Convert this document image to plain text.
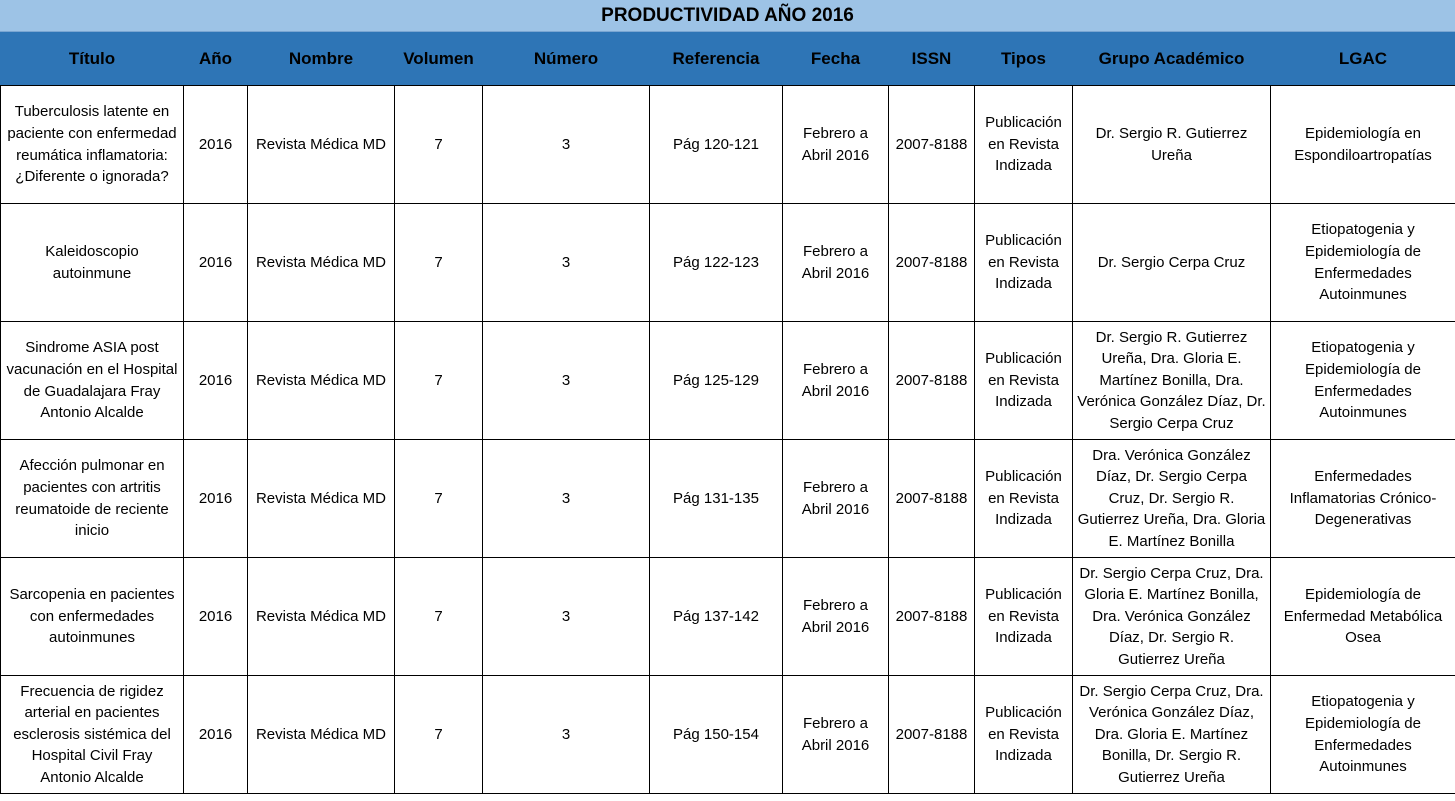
PRODUCTIVIDAD AÑO 2016
Título	Año	Nombre	Volumen	Número	Referencia	Fecha	ISSN	Tipos	Grupo Académico	LGAC
Tuberculosis latente en paciente con enfermedad reumática inflamatoria: ¿Diferente o ignorada?	2016	Revista Médica MD	7	3	Pág 120-121	Febrero a Abril 2016	2007-8188	Publicación en Revista Indizada	Dr. Sergio R. Gutierrez Ureña	Epidemiología en Espondiloartropatías
Kaleidoscopio autoinmune	2016	Revista Médica MD	7	3	Pág 122-123	Febrero a Abril 2016	2007-8188	Publicación en Revista Indizada	Dr. Sergio Cerpa Cruz	Etiopatogenia y Epidemiología de Enfermedades Autoinmunes
Sindrome ASIA post vacunación en el Hospital de Guadalajara Fray Antonio Alcalde	2016	Revista Médica MD	7	3	Pág 125-129	Febrero a Abril 2016	2007-8188	Publicación en Revista Indizada	Dr. Sergio R. Gutierrez Ureña, Dra. Gloria E. Martínez Bonilla, Dra. Verónica González Díaz, Dr. Sergio Cerpa Cruz	Etiopatogenia y Epidemiología de Enfermedades Autoinmunes
Afección pulmonar en pacientes con artritis reumatoide de reciente inicio	2016	Revista Médica MD	7	3	Pág 131-135	Febrero a Abril 2016	2007-8188	Publicación en Revista Indizada	Dra. Verónica González Díaz, Dr. Sergio Cerpa Cruz, Dr. Sergio R. Gutierrez Ureña, Dra. Gloria E. Martínez Bonilla	Enfermedades Inflamatorias Crónico-Degenerativas
Sarcopenia en pacientes con enfermedades autoinmunes	2016	Revista Médica MD	7	3	Pág 137-142	Febrero a Abril 2016	2007-8188	Publicación en Revista Indizada	Dr. Sergio Cerpa Cruz, Dra. Gloria E. Martínez Bonilla, Dra. Verónica González Díaz, Dr. Sergio R. Gutierrez Ureña	Epidemiología de Enfermedad Metabólica Osea
Frecuencia de rigidez arterial en pacientes esclerosis sistémica del Hospital Civil Fray Antonio Alcalde	2016	Revista Médica MD	7	3	Pág 150-154	Febrero a Abril 2016	2007-8188	Publicación en Revista Indizada	Dr. Sergio Cerpa Cruz, Dra. Verónica González Díaz, Dra. Gloria E. Martínez Bonilla, Dr. Sergio R. Gutierrez Ureña	Etiopatogenia y Epidemiología de Enfermedades Autoinmunes
